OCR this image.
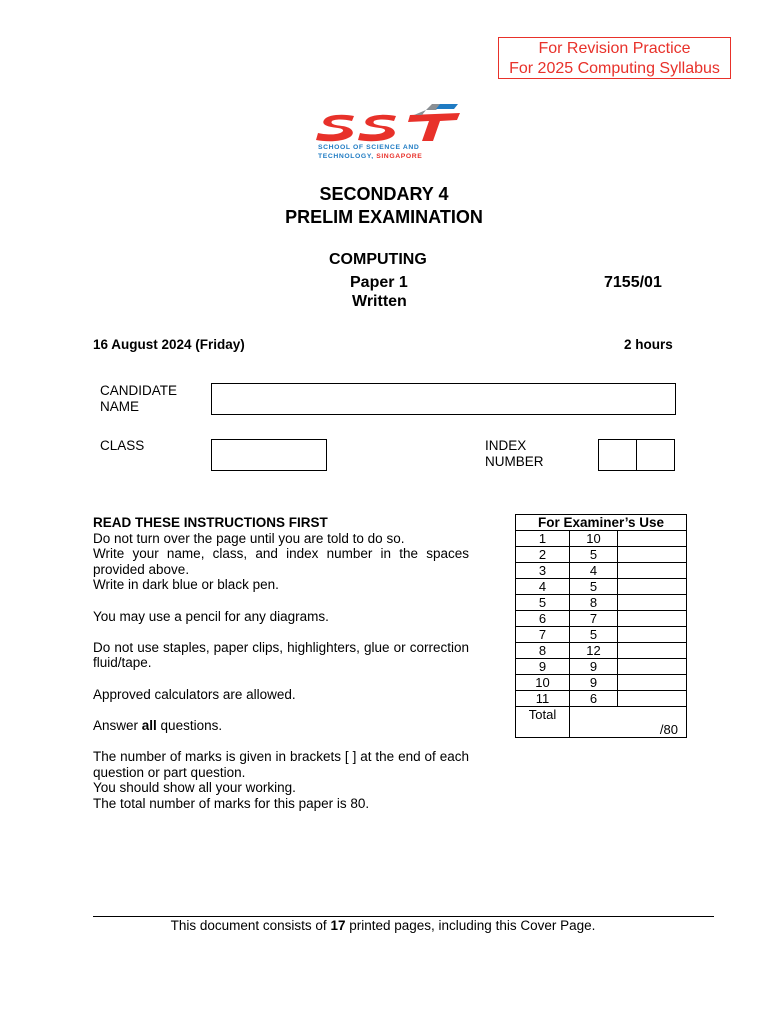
For Revision Practice
For 2025 Computing Syllabus
SCHOOL OF SCIENCE AND
TECHNOLOGY, SINGAPORE
SECONDARY 4
PRELIM EXAMINATION
COMPUTING
Paper 1	7155/01
Written
16 August 2024 (Friday)	2 hours
CANDIDATE
NAME
CLASS	INDEX
NUMBER
READ THESE INSTRUCTIONS FIRST
Do not turn over the page until you are told to do so.
Write your name, class, and index number in the spaces provided above.

Write in dark blue or black pen.

You may use a pencil for any diagrams.

Do not use staples, paper clips, highlighters, glue or correction fluid/tape.

Approved calculators are allowed.

Answer all questions.

The number of marks is given in brackets [ ] at the end of each question or part question.
You should show all your working.
The total number of marks for this paper is 80.
For Examiner’s Use		
1	10	
2	5	
3	4	
4	5	
5	8	
6	7	
7	5	
8	12	
9	9	
10	9	
11	6	
Total	/80	
This document consists of 17 printed pages, including this Cover Page.
